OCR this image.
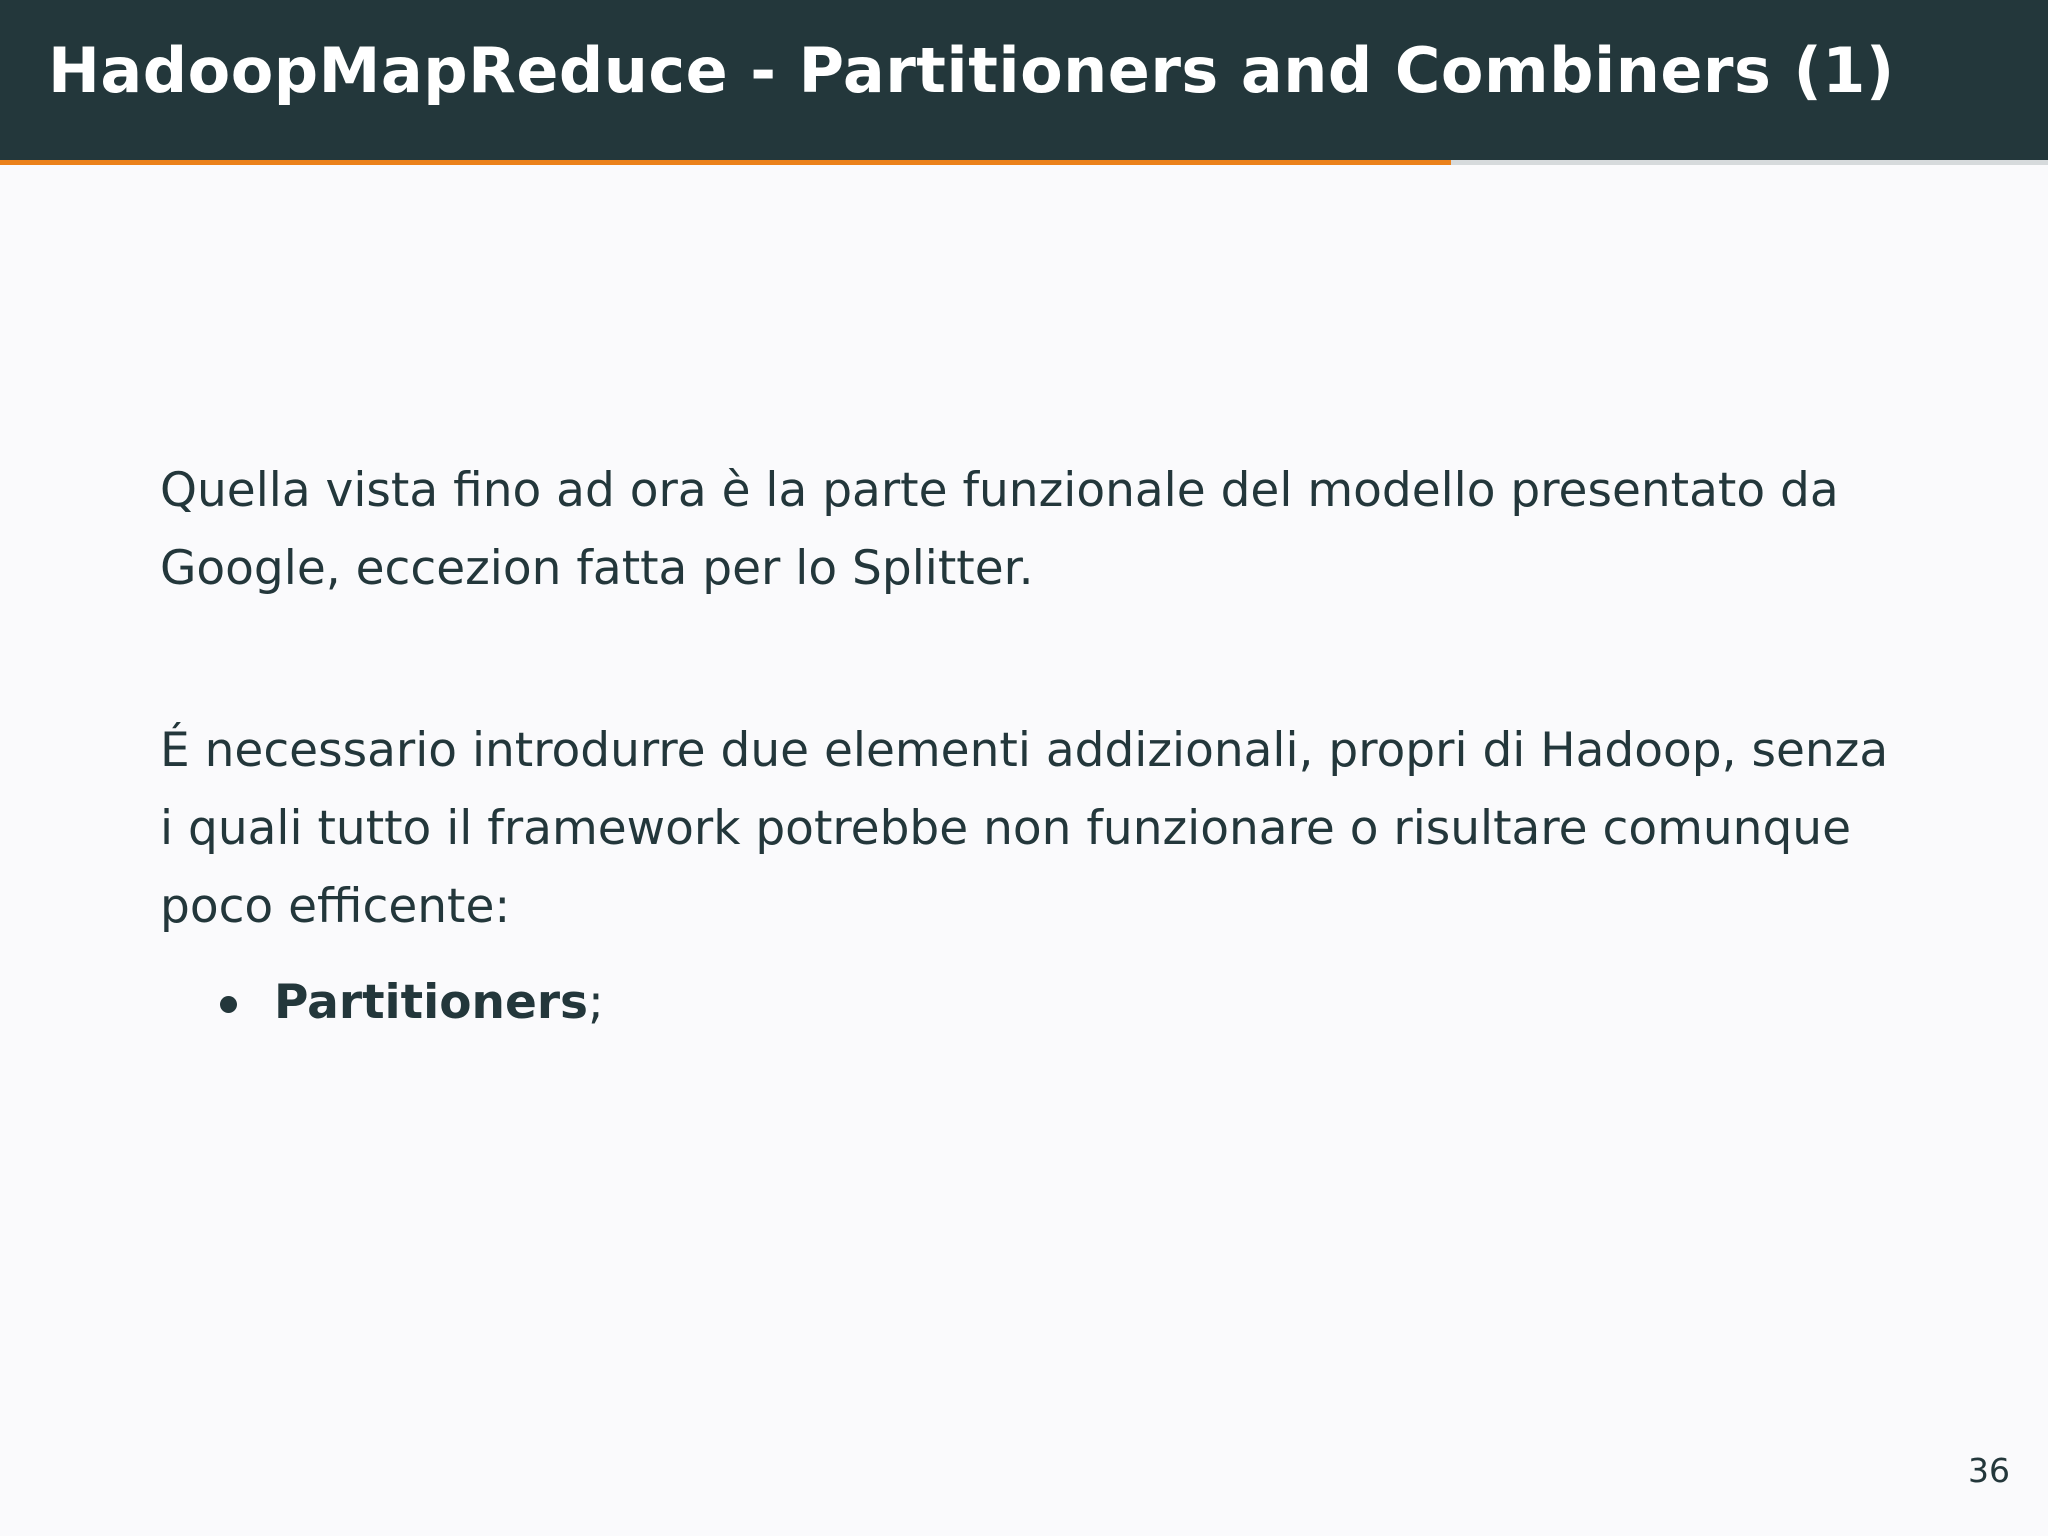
HadoopMapReduce - Partitioners and Combiners (1)

Quella vista fino ad ora è la parte funzionale del modello presentato da Google, eccezion fatta per lo Splitter.

É necessario introdurre due elementi addizionali, propri di Hadoop, senza i quali tutto il framework potrebbe non funzionare o risultare comunque poco efficente:

Partitioners;
36
